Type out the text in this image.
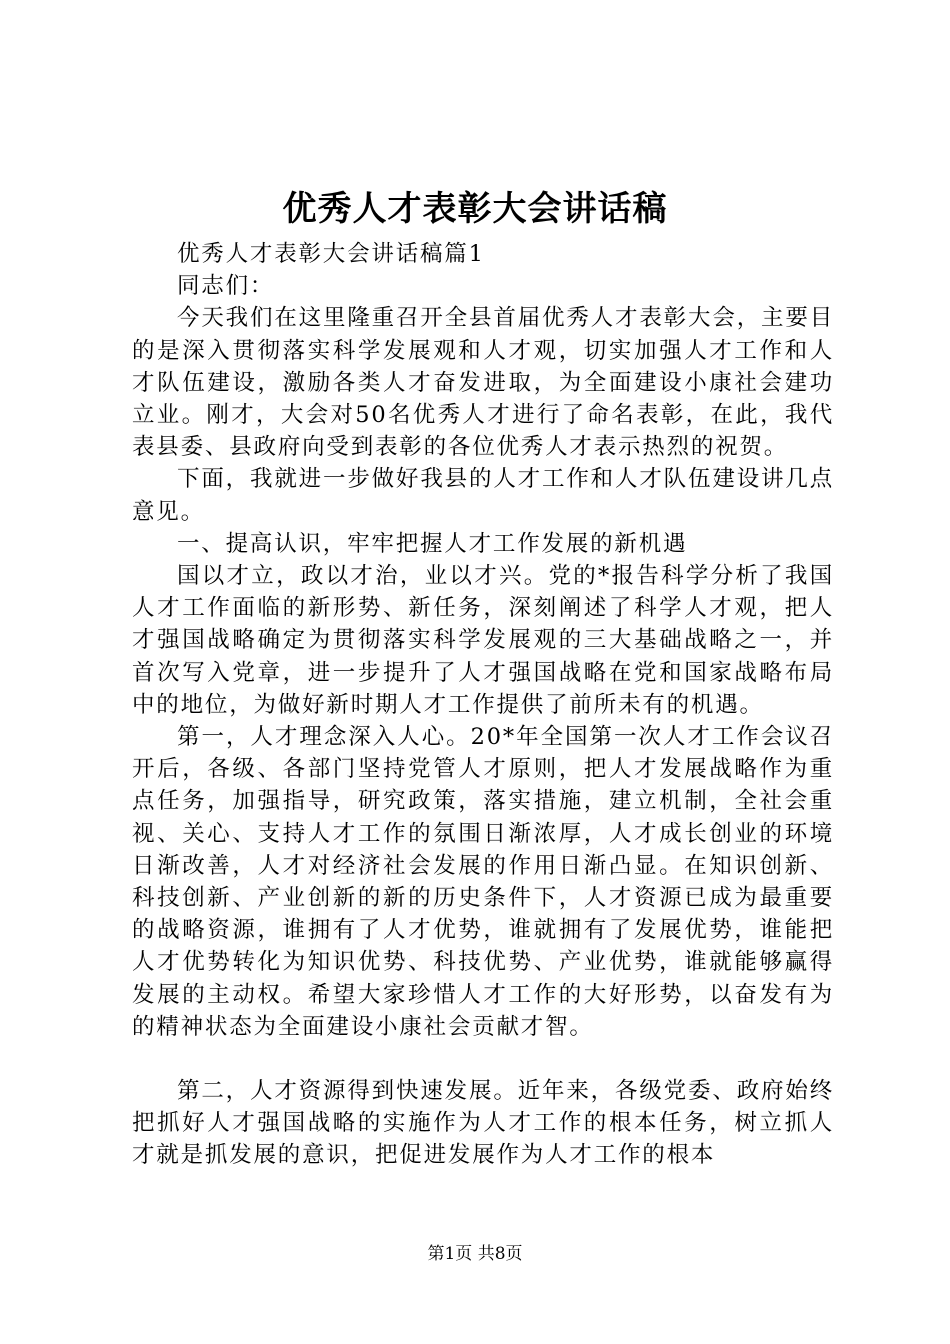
优秀人才表彰大会讲话稿

优秀人才表彰大会讲话稿篇1

同志们：

今天我们在这里隆重召开全县首届优秀人才表彰大会，主要目的是深入贯彻落实科学发展观和人才观，切实加强人才工作和人才队伍建设，激励各类人才奋发进取，为全面建设小康社会建功立业。刚才，大会对50名优秀人才进行了命名表彰，在此，我代表县委、县政府向受到表彰的各位优秀人才表示热烈的祝贺。

下面，我就进一步做好我县的人才工作和人才队伍建设讲几点意见。

一、提高认识，牢牢把握人才工作发展的新机遇

国以才立，政以才治，业以才兴。党的*报告科学分析了我国人才工作面临的新形势、新任务，深刻阐述了科学人才观，把人才强国战略确定为贯彻落实科学发展观的三大基础战略之一，并首次写入党章，进一步提升了人才强国战略在党和国家战略布局中的地位，为做好新时期人才工作提供了前所未有的机遇。

第一，人才理念深入人心。20*年全国第一次人才工作会议召开后，各级、各部门坚持党管人才原则，把人才发展战略作为重点任务，加强指导，研究政策，落实措施，建立机制，全社会重视、关心、支持人才工作的氛围日渐浓厚，人才成长创业的环境日渐改善，人才对经济社会发展的作用日渐凸显。在知识创新、科技创新、产业创新的新的历史条件下，人才资源已成为最重要的战略资源，谁拥有了人才优势，谁就拥有了发展优势，谁能把人才优势转化为知识优势、科技优势、产业优势，谁就能够赢得发展的主动权。希望大家珍惜人才工作的大好形势，以奋发有为的精神状态为全面建设小康社会贡献才智。

第二，人才资源得到快速发展。近年来，各级党委、政府始终把抓好人才强国战略的实施作为人才工作的根本任务，树立抓人才就是抓发展的意识，把促进发展作为人才工作的根本

第1页 共8页
